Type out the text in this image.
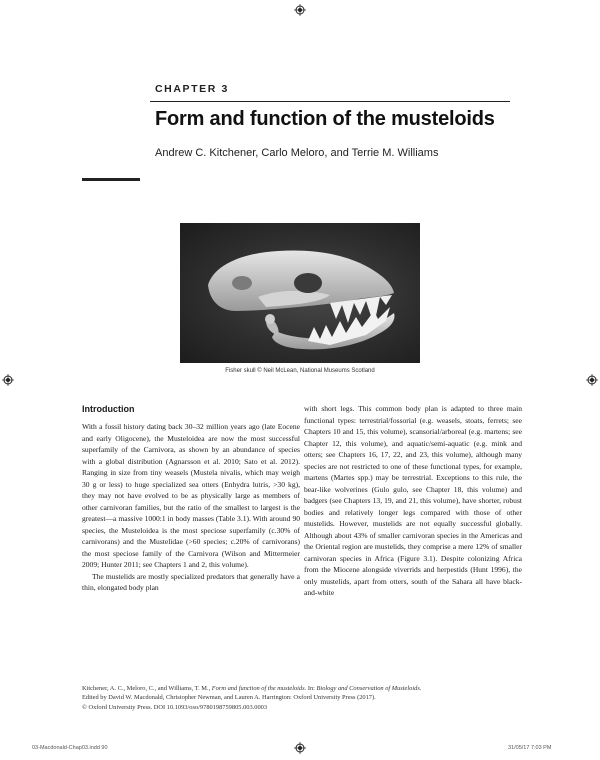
CHAPTER 3
Form and function of the musteloids
Andrew C. Kitchener, Carlo Meloro, and Terrie M. Williams
Fisher skull © Neil McLean, National Museums Scotland
Introduction

With a fossil history dating back 30–32 million years ago (late Eocene and early Oligocene), the Musteloidea are now the most successful superfamily of the Carnivora, as shown by an abundance of species with a global distribution (Agnarsson et al. 2010; Sato et al. 2012). Ranging in size from tiny weasels (Mustela nivalis, which may weigh 30 g or less) to huge specialized sea otters (Enhydra lutris, >30 kg), they may not have evolved to be as physically large as members of other carnivoran families, but the ratio of the smallest to largest is the greatest—a massive 1000:1 in body masses (Table 3.1). With around 90 species, the Musteloidea is the most speciose superfamily (c.30% of carnivorans) and the Mustelidae (>60 species; c.20% of carnivorans) the most speciose family of the Carnivora (Wilson and Mittermeier 2009; Hunter 2011; see Chapters 1 and 2, this volume).

The mustelids are mostly specialized predators that generally have a thin, elongated body plan

with short legs. This common body plan is adapted to three main functional types: terrestrial/fossorial (e.g. weasels, stoats, ferrets; see Chapters 10 and 15, this volume), scansorial/arboreal (e.g. martens; see Chapter 12, this volume), and aquatic/semi-aquatic (e.g. mink and otters; see Chapters 16, 17, 22, and 23, this volume), although many species are not restricted to one of these functional types, for example, martens (Martes spp.) may be terrestrial. Exceptions to this rule, the bear-like wolverines (Gulo gulo, see Chapter 18, this volume) and badgers (see Chapters 13, 19, and 21, this volume), have shorter, robust bodies and relatively longer legs compared with those of other mustelids. However, mustelids are not equally successful globally. Although about 43% of smaller carnivoran species in the Americas and the Oriental region are mustelids, they comprise a mere 12% of smaller carnivoran species in Africa (Figure 3.1). Despite colonizing Africa from the Miocene alongside viverrids and herpestids (Hunt 1996), the only mustelids, apart from otters, south of the Sahara all have black-and-white

Kitchener, A. C., Meloro, C., and Williams, T. M., Form and function of the musteloids. In: Biology and Conservation of Musteloids.

Edited by David W. Macdonald, Christopher Newman, and Lauren A. Harrington: Oxford University Press (2017).

© Oxford University Press. DOI 10.1093/oso/9780198759805.003.0003

03-Macdonald-Chap03.indd 90	31/05/17 7:03 PM
